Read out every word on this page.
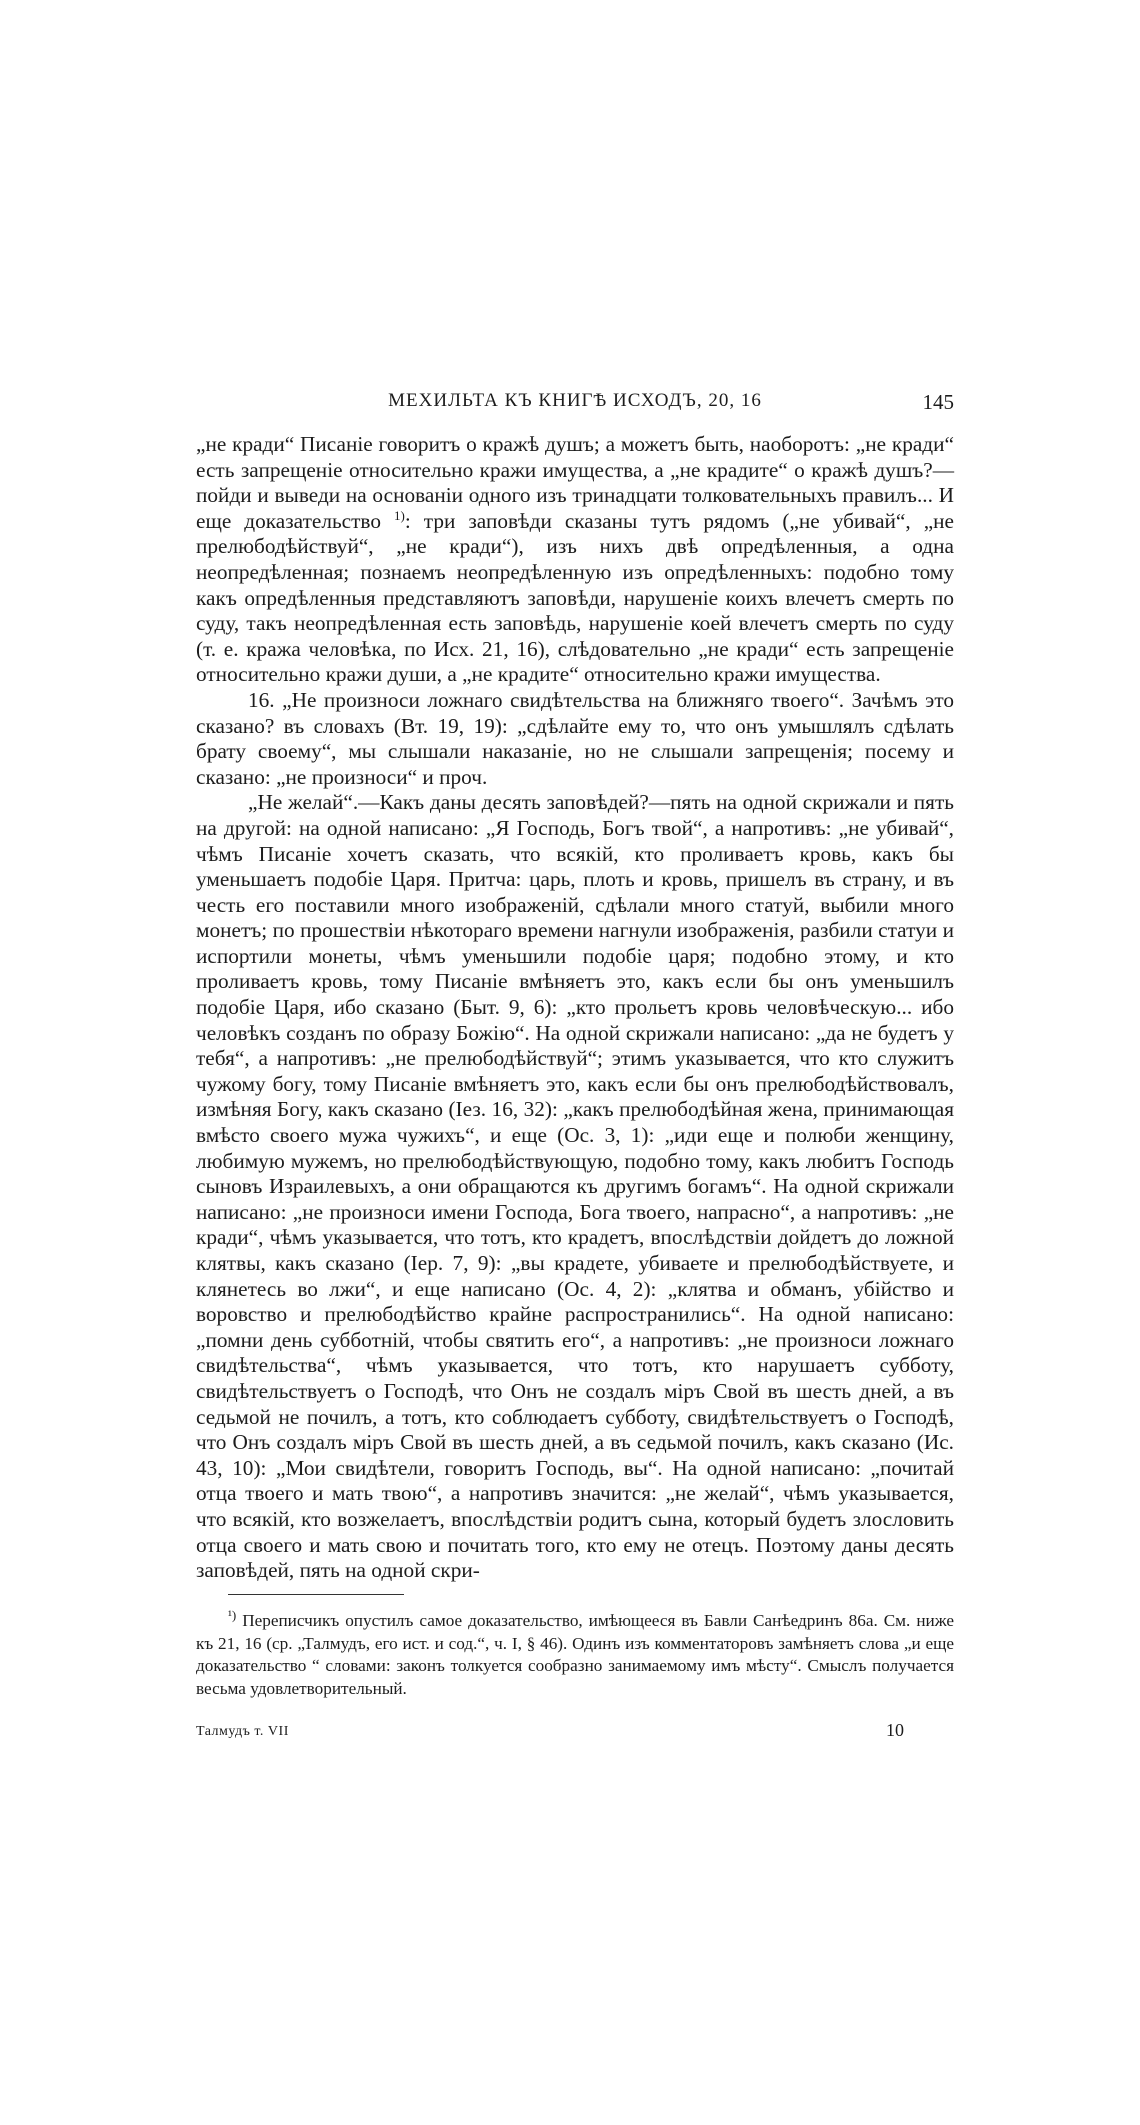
МЕХИЛЬТА КЪ КНИГѢ ИСХОДЪ, 20, 16	145

„не кради“ Писаніе говоритъ о кражѣ душъ; а можетъ быть, наоборотъ: „не кради“ есть запрещеніе относительно кражи имущества, а „не крадите“ о кражѣ душъ?—пойди и выведи на основаніи одного изъ тринадцати толковательныхъ правилъ... И еще доказательство $^{1)}$: три заповѣди сказаны тутъ рядомъ („не убивай“, „не прелюбодѣйствуй“, „не кради“), изъ нихъ двѣ опредѣленныя, а одна неопредѣленная; познаемъ неопредѣленную изъ опредѣленныхъ: подобно тому какъ опредѣленныя представляютъ заповѣди, нарушеніе коихъ влечетъ смерть по суду, такъ неопредѣленная есть заповѣдь, нарушеніе коей влечетъ смерть по суду (т. е. кража человѣка, по Исх. 21, 16), слѣдовательно „не кради“ есть запрещеніе относительно кражи души, а „не крадите“ относительно кражи имущества.

16. „Не произноси ложнаго свидѣтельства на ближняго твоего“. Зачѣмъ это сказано? въ словахъ (Вт. 19, 19): „сдѣлайте ему то, что онъ умышлялъ сдѣлать брату своему“, мы слышали наказаніе, но не слышали запрещенія; посему и сказано: „не произноси“ и проч.

„Не желай“.—Какъ даны десять заповѣдей?—пять на одной скрижали и пять на другой: на одной написано: „Я Господь, Богъ твой“, а напротивъ: „не убивай“, чѣмъ Писаніе хочетъ сказать, что всякій, кто проливаетъ кровь, какъ бы уменьшаетъ подобіе Царя. Притча: царь, плоть и кровь, пришелъ въ страну, и въ честь его поставили много изображеній, сдѣлали много статуй, выбили много монетъ; по прошествіи нѣкотораго времени нагнули изображенія, разбили статуи и испортили монеты, чѣмъ уменьшили подобіе царя; подобно этому, и кто проливаетъ кровь, тому Писаніе вмѣняетъ это, какъ если бы онъ уменьшилъ подобіе Царя, ибо сказано (Быт. 9, 6): „кто прольетъ кровь человѣческую... ибо человѣкъ созданъ по образу Божію“. На одной скрижали написано: „да не будетъ у тебя“, а напротивъ: „не прелюбодѣйствуй“; этимъ указывается, что кто служитъ чужому богу, тому Писаніе вмѣняетъ это, какъ если бы онъ прелюбодѣйствовалъ, измѣняя Богу, какъ сказано (Іез. 16, 32): „какъ прелюбодѣйная жена, принимающая вмѣсто своего мужа чужихъ“, и еще (Ос. 3, 1): „иди еще и полюби женщину, любимую мужемъ, но прелюбодѣйствующую, подобно тому, какъ любитъ Господь сыновъ Израилевыхъ, а они обращаются къ другимъ богамъ“. На одной скрижали написано: „не произноси имени Господа, Бога твоего, напрасно“, а напротивъ: „не кради“, чѣмъ указывается, что тотъ, кто крадетъ, впослѣдствіи дойдетъ до ложной клятвы, какъ сказано (Іер. 7, 9): „вы крадете, убиваете и прелюбодѣйствуете, и клянетесь во лжи“, и еще написано (Ос. 4, 2): „клятва и обманъ, убійство и воровство и прелюбодѣйство крайне распространились“. На одной написано: „помни день субботній, чтобы святить его“, а напротивъ: „не произноси ложнаго свидѣтельства“, чѣмъ указывается, что тотъ, кто нарушаетъ субботу, свидѣтельствуетъ о Господѣ, что Онъ не создалъ міръ Свой въ шесть дней, а въ седьмой не почилъ, а тотъ, кто соблюдаетъ субботу, свидѣтельствуетъ о Господѣ, что Онъ создалъ міръ Свой въ шесть дней, а въ седьмой почилъ, какъ сказано (Ис. 43, 10): „Мои свидѣтели, говоритъ Господь, вы“. На одной написано: „почитай отца твоего и мать твою“, а напротивъ значится: „не желай“, чѣмъ указывается, что всякій, кто возжелаетъ, впослѣдствіи родитъ сына, который будетъ злословить отца своего и мать свою и почитать того, кто ему не отецъ. Поэтому даны десять заповѣдей, пять на одной скри-

$^{^1)}$ Переписчикъ опустилъ самое доказательство, имѣющееся въ Бавли Санѣедринъ 86а. См. ниже къ 21, 16 (ср. „Талмудъ, его ист. и сод.“, ч. I, § 46). Одинъ изъ комментаторовъ замѣняетъ слова „и еще доказательство “ словами: законъ толкуется сообразно занимаемому имъ мѣсту“. Смыслъ получается весьма удовлетворительный.

Талмудъ т. VII	10
